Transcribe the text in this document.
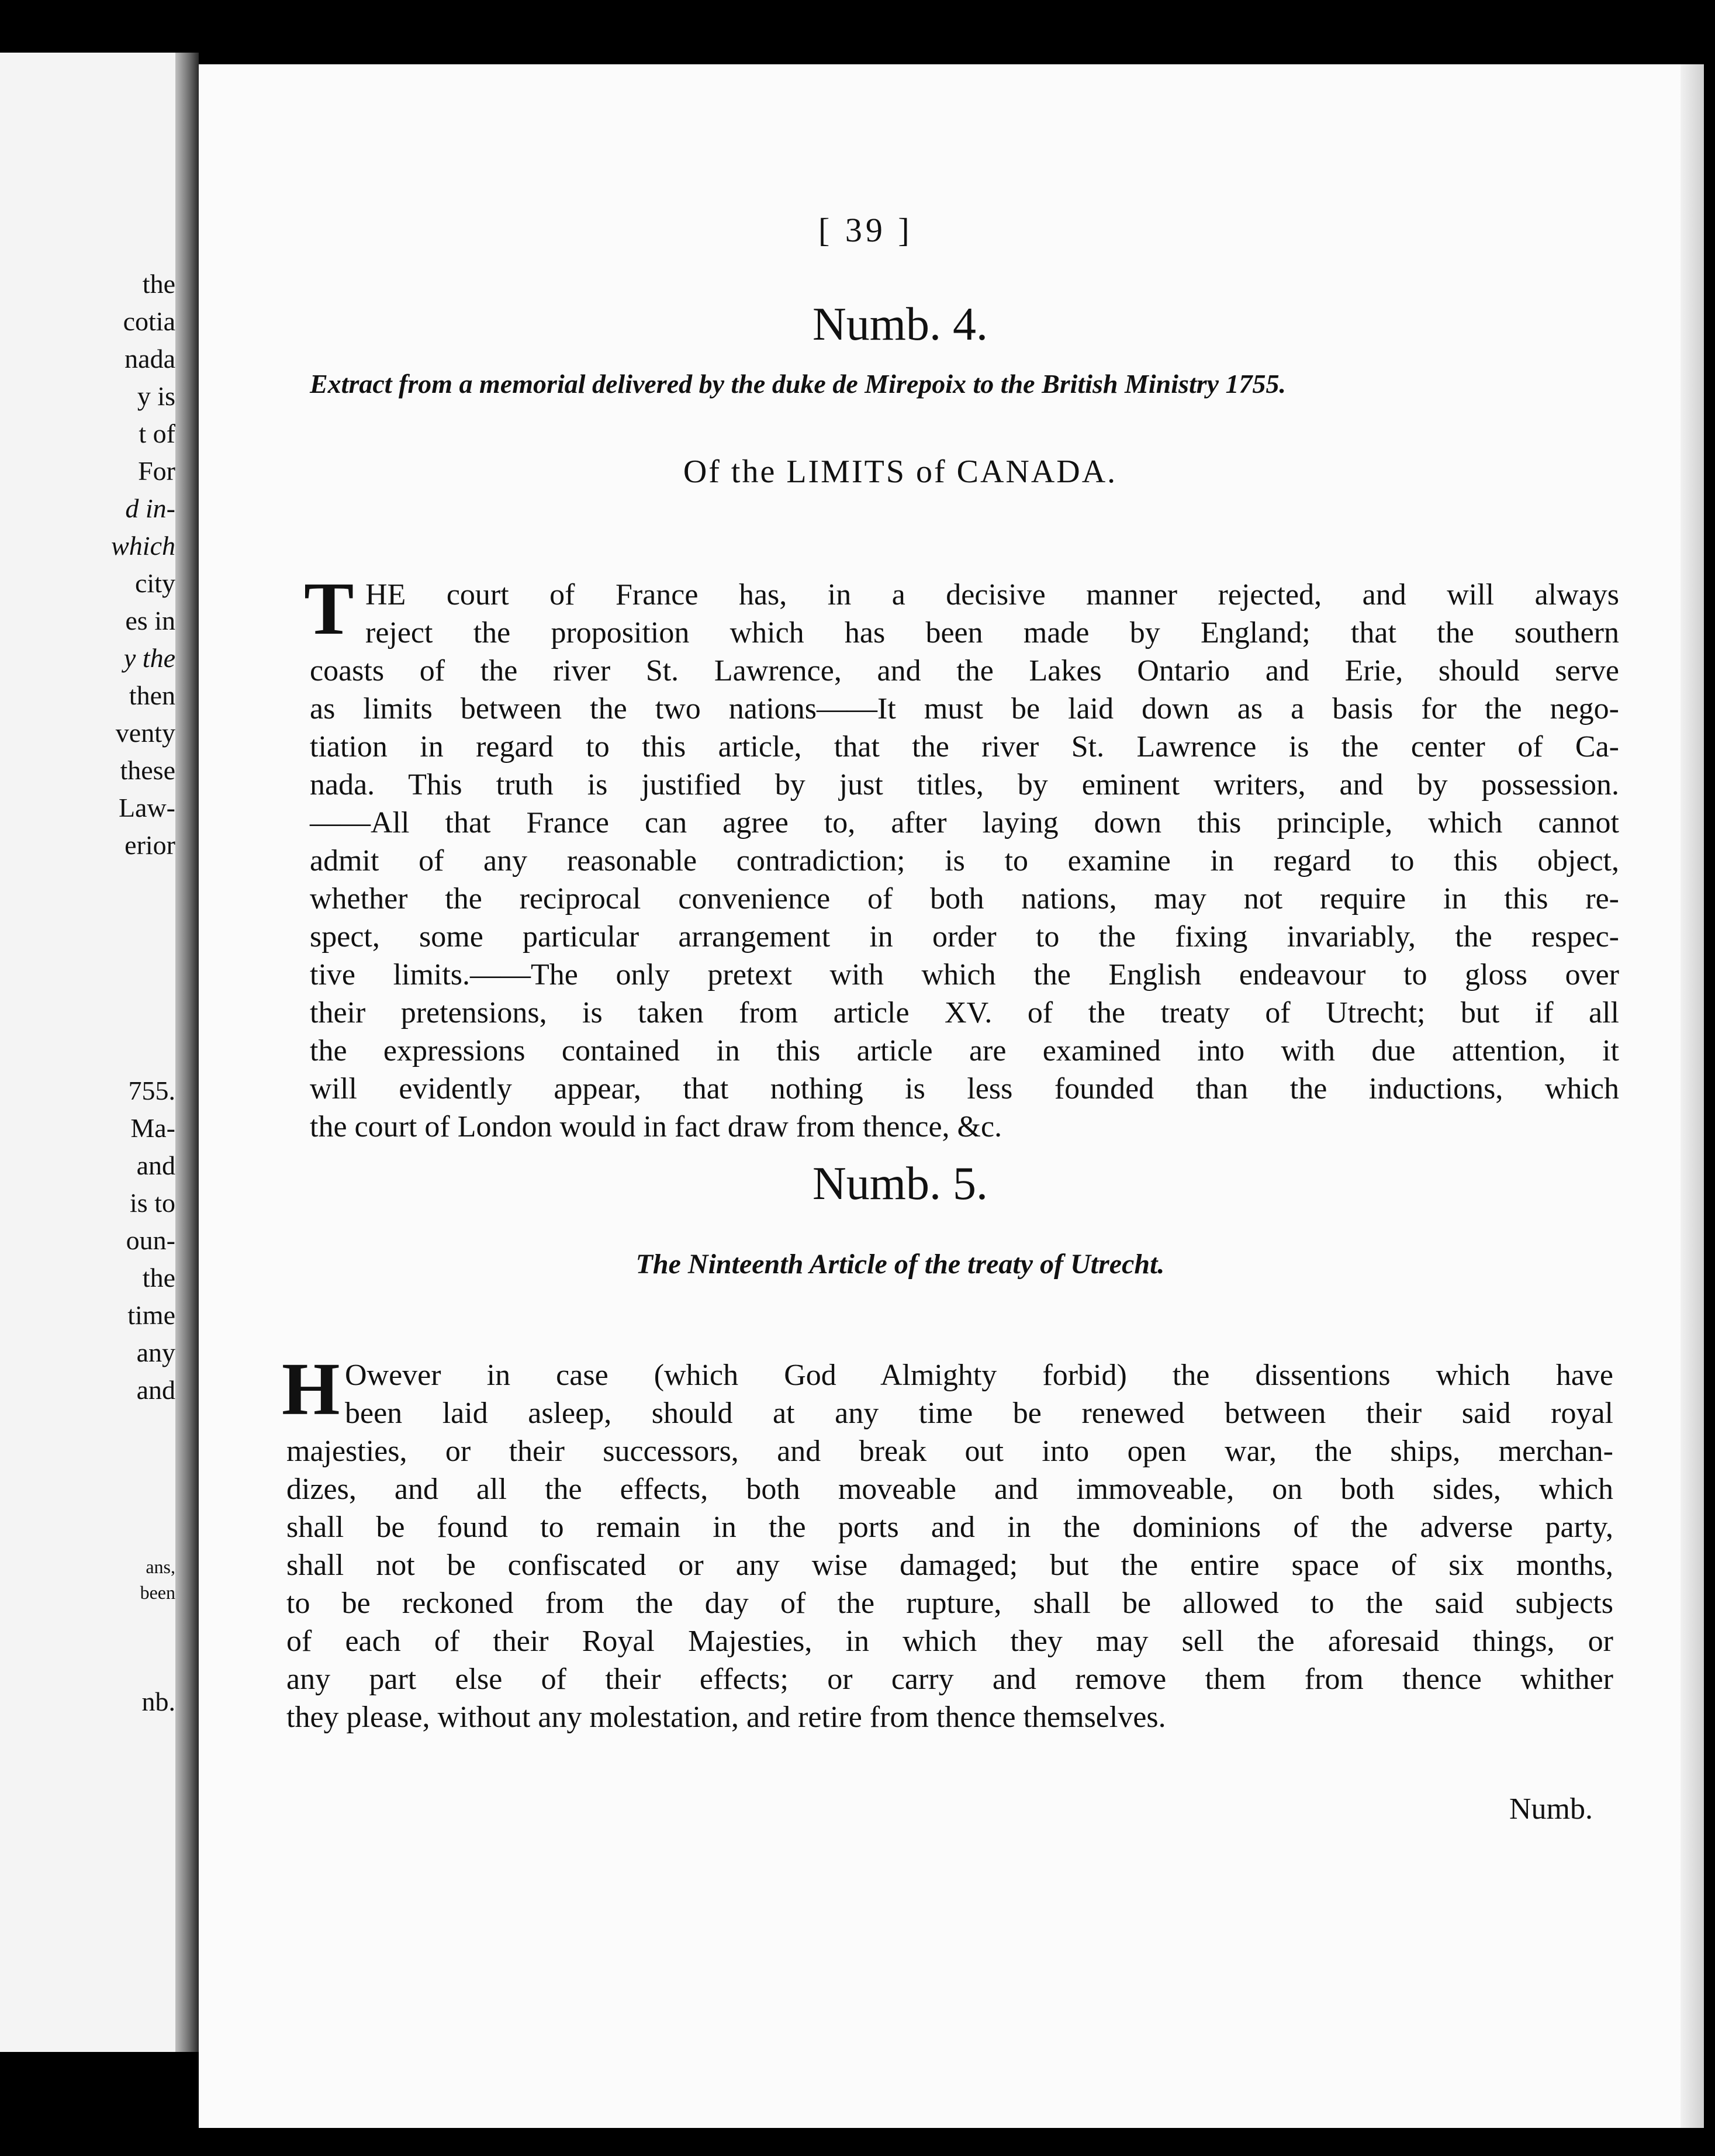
the
cotia
nada
y is
t of
For
d in-
which
city
es in
y the
then
venty
these
Law-
erior
755.
Ma-
and
is to
oun-
the
time
any
and
ans,
been
nb.
[ 39 ]
Numb. 4.
Extract from a memorial delivered by the duke de Mirepoix to the British Ministry 1755.
Of the LIMITS of CANADA.
T HE court of France has, in a decisive manner rejected, and will always
reject the proposition which has been made by England; that the southern
coasts of the river St. Lawrence, and the Lakes Ontario and Erie, should serve
as limits between the two nations——It must be laid down as a basis for the nego-
tiation in regard to this article, that the river St. Lawrence is the center of Ca-
nada. This truth is justified by just titles, by eminent writers, and by possession.
——All that France can agree to, after laying down this principle, which cannot
admit of any reasonable contradiction; is to examine in regard to this object,
whether the reciprocal convenience of both nations, may not require in this re-
spect, some particular arrangement in order to the fixing invariably, the respec-
tive limits.——The only pretext with which the English endeavour to gloss over
their pretensions, is taken from article XV. of the treaty of Utrecht; but if all
the expressions contained in this article are examined into with due attention, it
will evidently appear, that nothing is less founded than the inductions, which
the court of London would in fact draw from thence, &c.
Numb. 5.
The Ninteenth Article of the treaty of Utrecht.
H Owever in case (which God Almighty forbid) the dissentions which have
been laid asleep, should at any time be renewed between their said royal
majesties, or their successors, and break out into open war, the ships, merchan-
dizes, and all the effects, both moveable and immoveable, on both sides, which
shall be found to remain in the ports and in the dominions of the adverse party,
shall not be confiscated or any wise damaged; but the entire space of six months,
to be reckoned from the day of the rupture, shall be allowed to the said subjects
of each of their Royal Majesties, in which they may sell the aforesaid things, or
any part else of their effects; or carry and remove them from thence whither
they please, without any molestation, and retire from thence themselves.
Numb.
